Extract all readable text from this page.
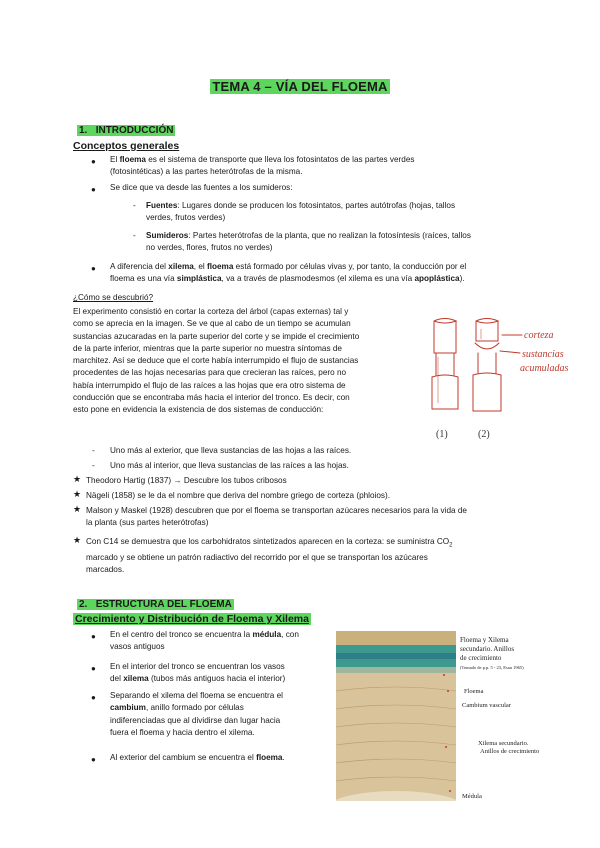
TEMA 4 – VÍA DEL FLOEMA
1. INTRODUCCIÓN
Conceptos generales
● El floema es el sistema de transporte que lleva los fotosintatos de las partes verdes
(fotosintéticas) a las partes heterótrofas de la misma.
● Se dice que va desde las fuentes a los sumideros:
- Fuentes: Lugares donde se producen los fotosintatos, partes autótrofas (hojas, tallos
verdes, frutos verdes)
- Sumideros: Partes heterótrofas de la planta, que no realizan la fotosíntesis (raíces, tallos
no verdes, flores, frutos no verdes)
● A diferencia del xilema, el floema está formado por células vivas y, por tanto, la conducción por el
floema es una vía simplástica, va a través de plasmodesmos (el xilema es una vía apoplástica).
¿Cómo se descubrió?
El experimento consistió en cortar la corteza del árbol (capas externas) tal y
como se aprecia en la imagen. Se ve que al cabo de un tiempo se acumulan
sustancias azucaradas en la parte superior del corte y se impide el crecimiento
de la parte inferior, mientras que la parte superior no muestra síntomas de
marchitez. Así se deduce que el corte había interrumpido el flujo de sustancias
procedentes de las hojas necesarias para que crecieran las raíces, pero no
había interrumpido el flujo de las raíces a las hojas que era otro sistema de
conducción que se encontraba más hacia el interior del tronco. Es decir, con
esto pone en evidencia la existencia de dos sistemas de conducción:
- Uno más al exterior, que lleva sustancias de las hojas a las raíces.
- Uno más al interior, que lleva sustancias de las raíces a las hojas.
★ Theodoro Hartig (1837) → Descubre los tubos cribosos
★ Nägeli (1858) se le da el nombre que deriva del nombre griego de corteza (phloios).
★ Malson y Maskel (1928) descubren que por el floema se transportan azúcares necesarios para la vida de
la planta (sus partes heterótrofas)
★ Con C14 se demuestra que los carbohidratos sintetizados aparecen en la corteza: se suministra $CO_2$
marcado y se obtiene un patrón radiactivo del recorrido por el que se transportan los azúcares
marcados.
corteza
sustancias
acumuladas
(1)	(2)
2. ESTRUCTURA DEL FLOEMA
Crecimiento y Distribución de Floema y Xilema
● En el centro del tronco se encuentra la médula, con
vasos antiguos
● En el interior del tronco se encuentran los vasos
del xilema (tubos más antiguos hacia el interior)
● Separando el xilema del floema se encuentra el
cambium, anillo formado por células
indiferenciadas que al dividirse dan lugar hacia
fuera el floema y hacia dentro el xilema.
● Al exterior del cambium se encuentra el floema.
Floema y Xilema
secundario. Anillos
de crecimiento
(Tomado de p.p. 5 - 23, Esau 1965)
Floema
Cambium vascular
Xilema secundario.
Anillos de crecimiento
Médula
